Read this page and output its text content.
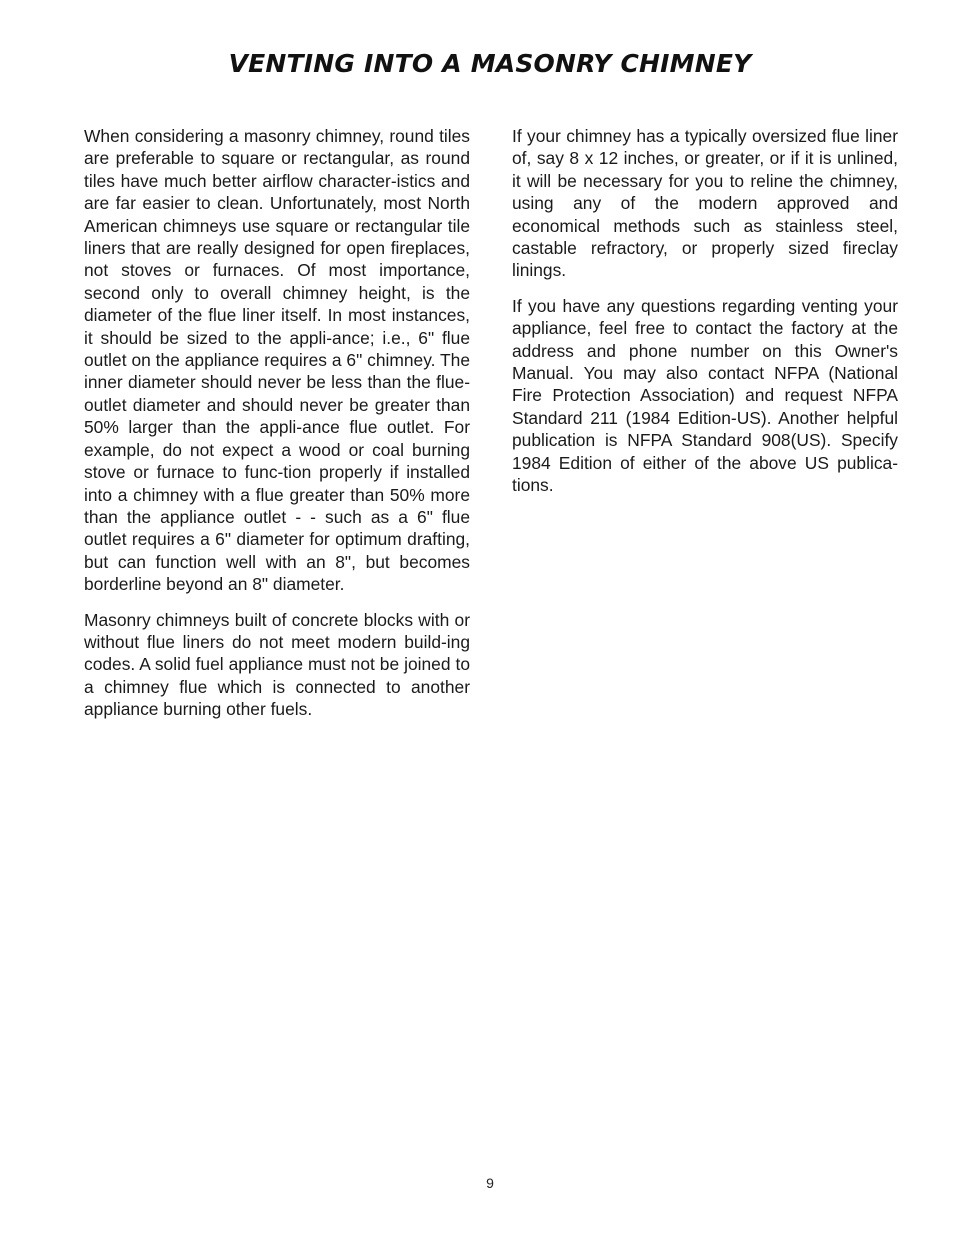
VENTING INTO A MASONRY CHIMNEY

When considering a masonry chimney, round tiles are preferable to square or rectangular, as round tiles have much better airflow character-istics and are far easier to clean. Unfortunately, most North American chimneys use square or rectangular tile liners that are really designed for open fireplaces, not stoves or furnaces. Of most importance, second only to overall chimney height, is the diameter of the flue liner itself. In most instances, it should be sized to the appli-ance; i.e., 6" flue outlet on the appliance requires a 6" chimney. The inner diameter should never be less than the flue-outlet diameter and should never be greater than 50% larger than the appli-ance flue outlet. For example, do not expect a wood or coal burning stove or furnace to func-tion properly if installed into a chimney with a flue greater than 50% more than the appliance outlet - - such as a 6" flue outlet requires a 6" diameter for optimum drafting, but can function well with an 8", but becomes borderline beyond an 8" diameter.

Masonry chimneys built of concrete blocks with or without flue liners do not meet modern build-ing codes. A solid fuel appliance must not be joined to a chimney flue which is connected to another appliance burning other fuels.

If your chimney has a typically oversized flue liner of, say 8 x 12 inches, or greater, or if it is unlined, it will be necessary for you to reline the chimney, using any of the modern approved and economical methods such as stainless steel, castable refractory, or properly sized fireclay linings.

If you have any questions regarding venting your appliance, feel free to contact the factory at the address and phone number on this Owner's Manual. You may also contact NFPA (National Fire Protection Association) and request NFPA Standard 211 (1984 Edition-US). Another helpful publication is NFPA Standard 908(US). Specify 1984 Edition of either of the above US publica-tions.

9
